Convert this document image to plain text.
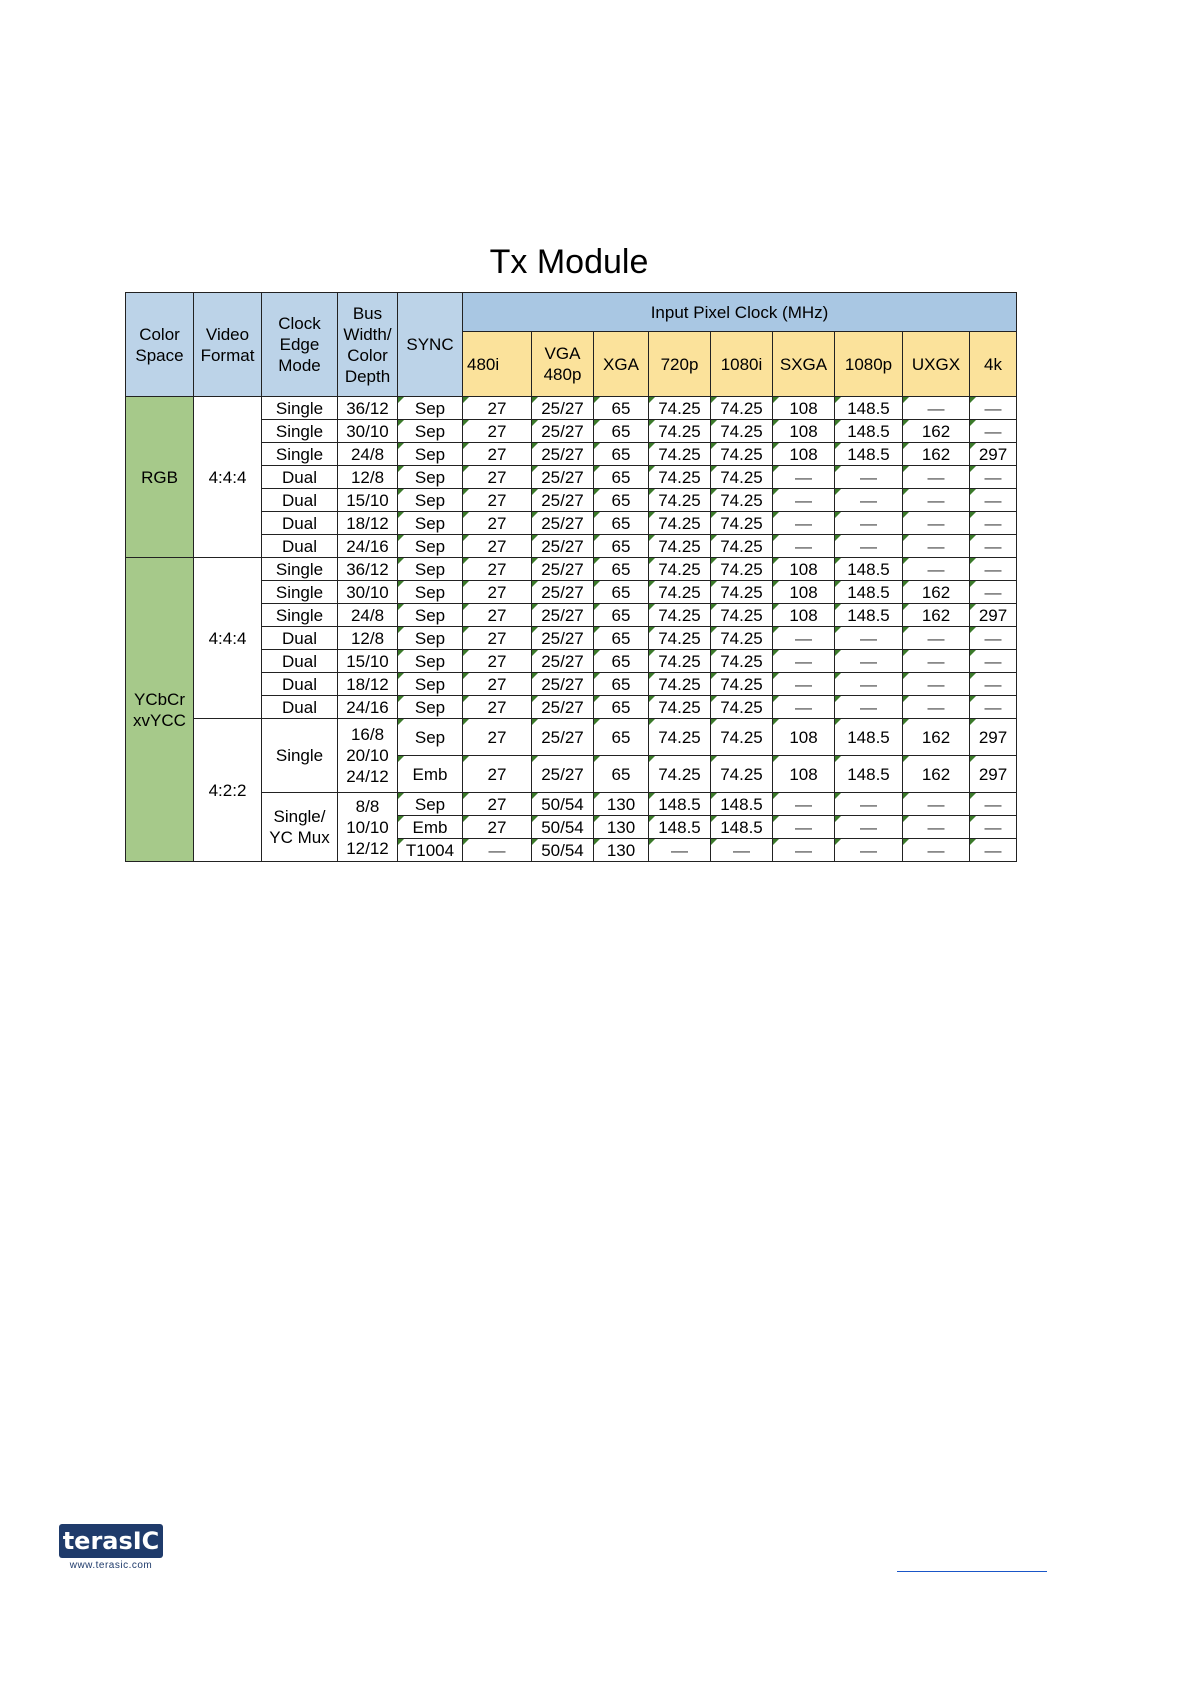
Tx Module
Color Space	Video Format	Clock Edge Mode	Bus Width/ Color Depth	SYNC	Input Pixel Clock (MHz)								
					480i	VGA 480p	XGA	720p	1080i	SXGA	1080p	UXGX	4k
RGB	4:4:4	Single	36/12	Sep	27	25/27	65	74.25	74.25	108	148.5	—	—
		Single	30/10	Sep	27	25/27	65	74.25	74.25	108	148.5	162	—
		Single	24/8	Sep	27	25/27	65	74.25	74.25	108	148.5	162	297
		Dual	12/8	Sep	27	25/27	65	74.25	74.25	—	—	—	—
		Dual	15/10	Sep	27	25/27	65	74.25	74.25	—	—	—	—
		Dual	18/12	Sep	27	25/27	65	74.25	74.25	—	—	—	—
		Dual	24/16	Sep	27	25/27	65	74.25	74.25	—	—	—	—
YCbCr xvYCC	4:4:4	Single	36/12	Sep	27	25/27	65	74.25	74.25	108	148.5	—	—
		Single	30/10	Sep	27	25/27	65	74.25	74.25	108	148.5	162	—
		Single	24/8	Sep	27	25/27	65	74.25	74.25	108	148.5	162	297
		Dual	12/8	Sep	27	25/27	65	74.25	74.25	—	—	—	—
		Dual	15/10	Sep	27	25/27	65	74.25	74.25	—	—	—	—
		Dual	18/12	Sep	27	25/27	65	74.25	74.25	—	—	—	—
		Dual	24/16	Sep	27	25/27	65	74.25	74.25	—	—	—	—
	4:2:2	Single	16/8 20/10 24/12	Sep	27	25/27	65	74.25	74.25	108	148.5	162	297
				Emb	27	25/27	65	74.25	74.25	108	148.5	162	297
		Single/ YC Mux	8/8 10/10 12/12	Sep	27	50/54	130	148.5	148.5	—	—	—	—
				Emb	27	50/54	130	148.5	148.5	—	—	—	—
				T1004	—	50/54	130	—	—	—	—	—	—
terasIC
www.terasic.com
